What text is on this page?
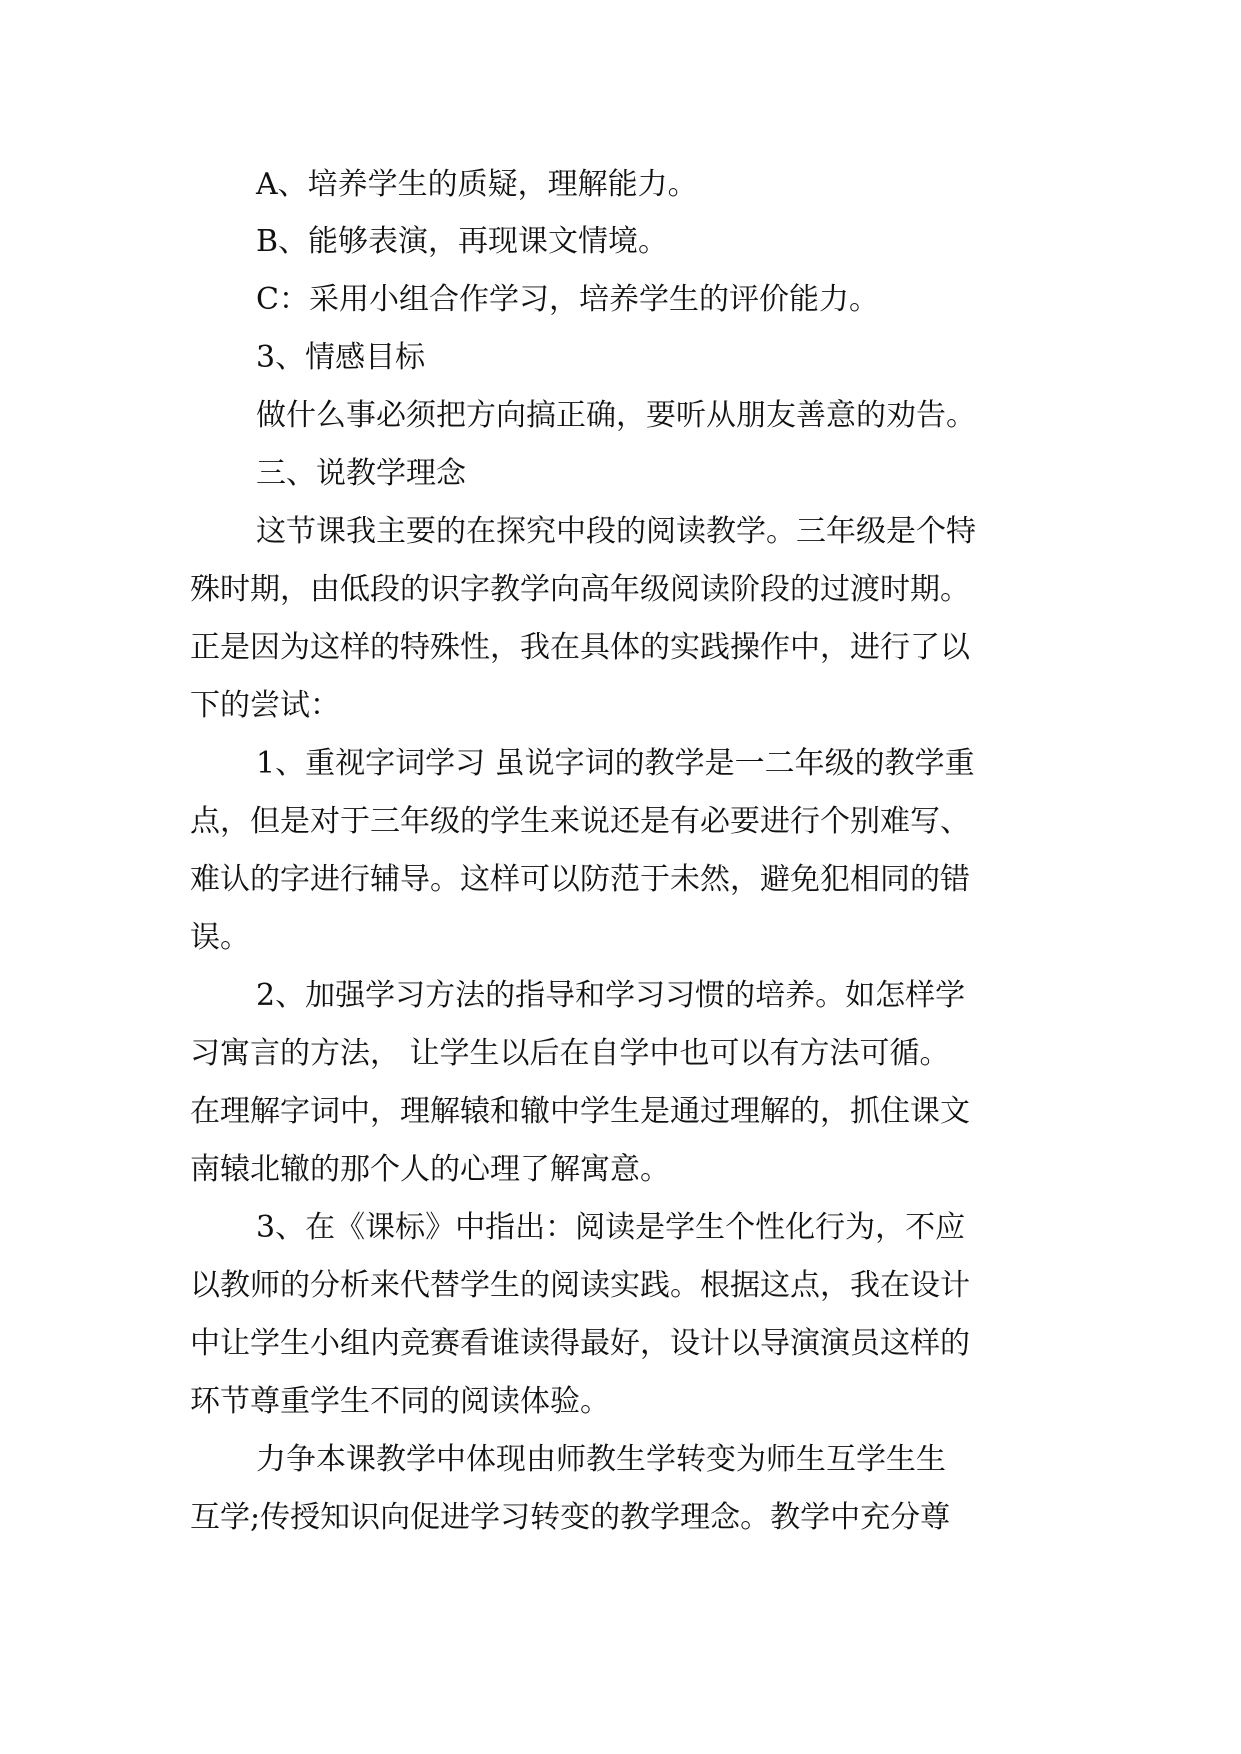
A、培养学生的质疑，理解能力。

B、能够表演，再现课文情境。

C：采用小组合作学习，培养学生的评价能力。

3、情感目标

做什么事必须把方向搞正确，要听从朋友善意的劝告。

三、说教学理念

这节课我主要的在探究中段的阅读教学。三年级是个特

殊时期，由低段的识字教学向高年级阅读阶段的过渡时期。

正是因为这样的特殊性，我在具体的实践操作中，进行了以

下的尝试：

1、重视字词学习 虽说字词的教学是一二年级的教学重

点，但是对于三年级的学生来说还是有必要进行个别难写、

难认的字进行辅导。这样可以防范于未然，避免犯相同的错

误。

2、加强学习方法的指导和学习习惯的培养。如怎样学

习寓言的方法， 让学生以后在自学中也可以有方法可循。

在理解字词中，理解辕和辙中学生是通过理解的，抓住课文

南辕北辙的那个人的心理了解寓意。

3、在《课标》中指出：阅读是学生个性化行为，不应

以教师的分析来代替学生的阅读实践。根据这点，我在设计

中让学生小组内竞赛看谁读得最好，设计以导演演员这样的

环节尊重学生不同的阅读体验。

力争本课教学中体现由师教生学转变为师生互学生生

互学;传授知识向促进学习转变的教学理念。教学中充分尊
